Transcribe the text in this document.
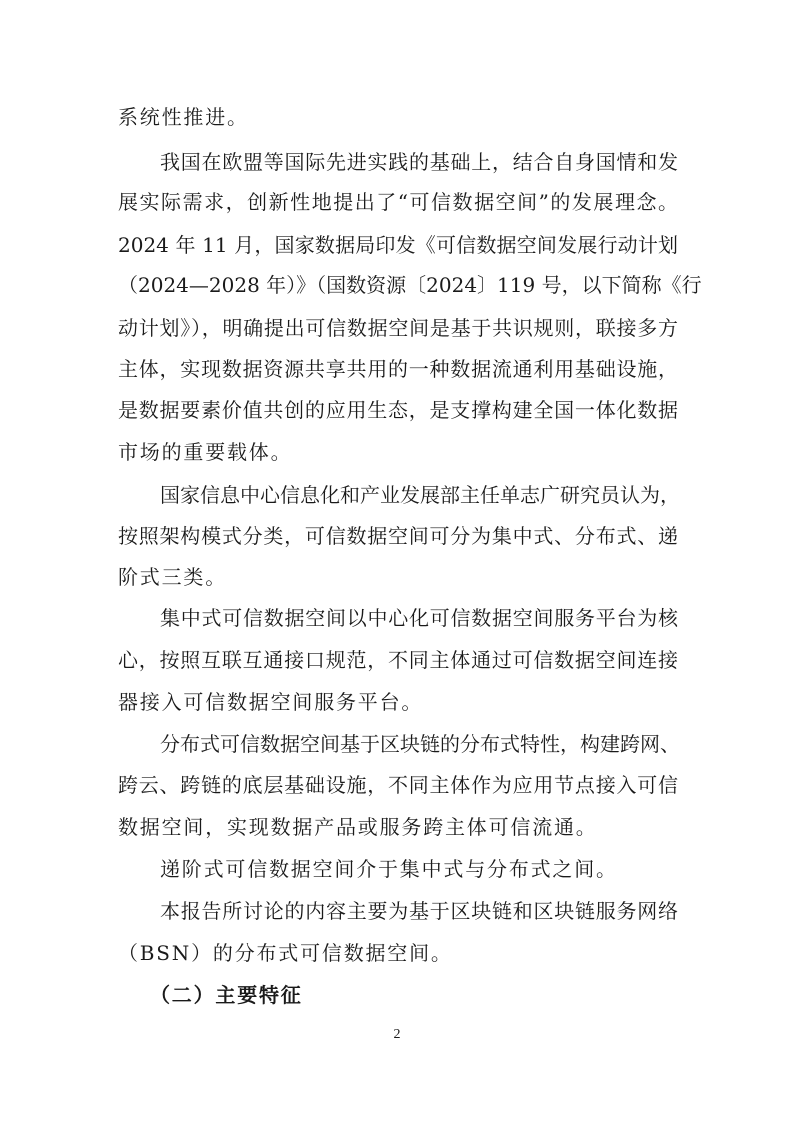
系统性推进。
我国在欧盟等国际先进实践的基础上，结合自身国情和发
展实际需求，创新性地提出了“可信数据空间”的发展理念。
2024 年 11 月，国家数据局印发《可信数据空间发展行动计划
（2024—2028 年）》（国数资源〔2024〕119 号，以下简称《行
动计划》），明确提出可信数据空间是基于共识规则，联接多方
主体，实现数据资源共享共用的一种数据流通利用基础设施，
是数据要素价值共创的应用生态，是支撑构建全国一体化数据
市场的重要载体。
国家信息中心信息化和产业发展部主任单志广研究员认为，
按照架构模式分类，可信数据空间可分为集中式、分布式、递
阶式三类。
集中式可信数据空间以中心化可信数据空间服务平台为核
心，按照互联互通接口规范，不同主体通过可信数据空间连接
器接入可信数据空间服务平台。
分布式可信数据空间基于区块链的分布式特性，构建跨网、
跨云、跨链的底层基础设施，不同主体作为应用节点接入可信
数据空间，实现数据产品或服务跨主体可信流通。
递阶式可信数据空间介于集中式与分布式之间。
本报告所讨论的内容主要为基于区块链和区块链服务网络
（BSN）的分布式可信数据空间。
（二）主要特征
2
